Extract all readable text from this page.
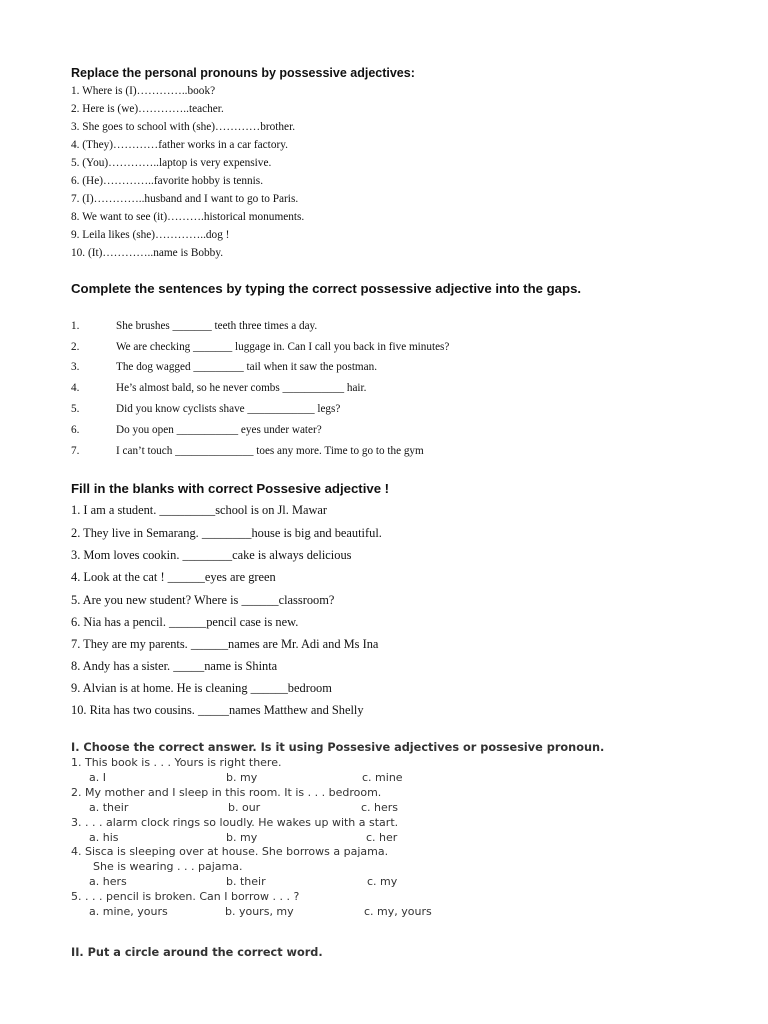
Replace the personal pronouns by possessive adjectives:
1. Where is (I)…………..book?
2. Here is (we)…………..teacher.
3. She goes to school with (she)…………brother.
4. (They)…………father works in a car factory.
5. (You)…………..laptop is very expensive.
6. (He)…………..favorite hobby is tennis.
7. (I)…………..husband and I want to go to Paris.
8. We want to see (it)……….historical monuments.
9. Leila likes (she)…………..dog !
10. (It)…………..name is Bobby.
Complete the sentences by typing the correct possessive adjective into the gaps.
1.	She brushes _______ teeth three times a day.
2.	We are checking _______ luggage in. Can I call you back in five minutes?
3.	The dog wagged _________ tail when it saw the postman.
4.	He’s almost bald, so he never combs ___________ hair.
5.	Did you know cyclists shave ____________ legs?
6.	Do you open ___________ eyes under water?
7.	I can’t touch ______________ toes any more. Time to go to the gym
Fill in the blanks with correct Possesive adjective !
1. I am a student. _________school is on Jl. Mawar
2. They live in Semarang. ________house is big and beautiful.
3. Mom loves cookin. ________cake is always delicious
4. Look at the cat ! ______eyes are green
5. Are you new student? Where is ______classroom?
6. Nia has a pencil. ______pencil case is new.
7. They are my parents. ______names are Mr. Adi and Ms Ina
8. Andy has a sister. _____name is Shinta
9. Alvian is at home. He is cleaning ______bedroom
10. Rita has two cousins. _____names Matthew and Shelly
I. Choose the correct answer. Is it using Possesive adjectives or possesive pronoun.
1. This book is . . . Yours is right there.
a. I	b. my	c. mine
2. My mother and I sleep in this room. It is . . . bedroom.
a. their	b. our	c. hers
3. . . . alarm clock rings so loudly. He wakes up with a start.
a. his	b. my	c. her
4. Sisca is sleeping over at house. She borrows a pajama.
She is wearing . . . pajama.
a. hers	b. their	c. my
5. . . . pencil is broken. Can I borrow . . . ?
a. mine, yours	b. yours, my	c. my, yours
II. Put a circle around the correct word.
